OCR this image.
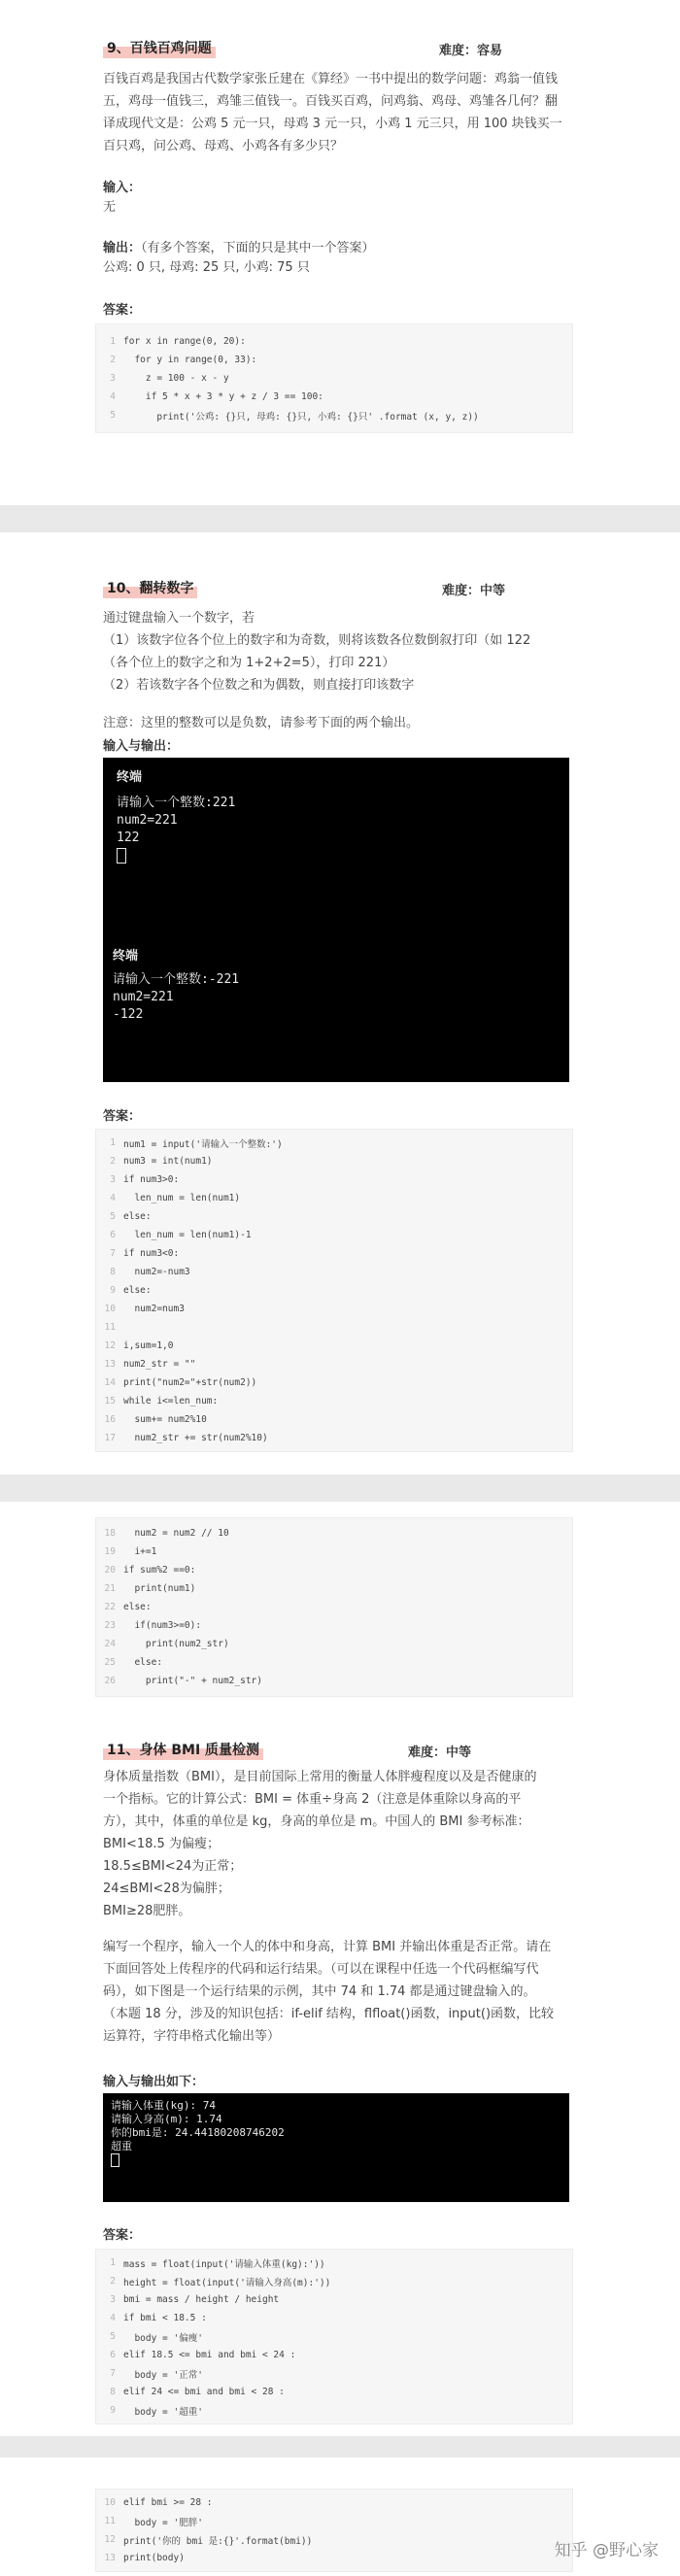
9、百钱百鸡问题	难度：容易

百钱百鸡是我国古代数学家张丘建在《算经》一书中提出的数学问题：鸡翁一值钱五，鸡母一值钱三，鸡雏三值钱一。百钱买百鸡，问鸡翁、鸡母、鸡雏各几何？翻译成现代文是：公鸡 5 元一只，母鸡 3 元一只，小鸡 1 元三只，用 100 块钱买一百只鸡，问公鸡、母鸡、小鸡各有多少只？

输入：
无
输出：（有多个答案，下面的只是其中一个答案）
公鸡: 0 只, 母鸡: 25 只, 小鸡: 75 只
答案：
1 for x in range(0, 20):
2 for y in range(0, 33):
3 z = 100 - x - y
4 if 5 * x + 3 * y + z / 3 == 100:
5 print('公鸡: {}只, 母鸡: {}只, 小鸡: {}只' .format (x, y, z))
10、翻转数字	难度：中等

通过键盘输入一个数字，若

（1）该数字位各个位上的数字和为奇数，则将该数各位数倒叙打印（如 122

（各个位上的数字之和为 1+2+2=5），打印 221）

（2）若该数字各个位数之和为偶数，则直接打印该数字

注意：这里的整数可以是负数，请参考下面的两个输出。

输入与输出：
终端
请输入一个整数:221
num2=221
122
终端
请输入一个整数:-221
num2=221
-122
答案：
1 num1 = input('请输入一个整数:')
2 num3 = int(num1)
3 if num3>0:
4 len_num = len(num1)
5 else:
6 len_num = len(num1)-1
7 if num3<0:
8 num2=-num3
9 else:
10 num2=num3
11
12 i,sum=1,0
13 num2_str = ""
14 print("num2="+str(num2))
15 while i<=len_num:
16 sum+= num2%10
17 num2_str += str(num2%10)
18 num2 = num2 // 10
19 i+=1
20 if sum%2 ==0:
21 print(num1)
22 else:
23 if(num3>=0):
24 print(num2_str)
25 else:
26 print("-" + num2_str)
11、身体 BMI 质量检测	难度：中等

身体质量指数（BMI），是目前国际上常用的衡量人体胖瘦程度以及是否健康的

一个指标。它的计算公式：BMI = 体重÷身高 2（注意是体重除以身高的平

方），其中，体重的单位是 kg，身高的单位是 m。中国人的 BMI 参考标准：

BMI<18.5 为偏瘦；

18.5≤BMI<24为正常；

24≤BMI<28为偏胖；

BMI≥28肥胖。

编写一个程序，输入一个人的体中和身高，计算 BMI 并输出体重是否正常。请在

下面回答处上传程序的代码和运行结果。（可以在课程中任选一个代码框编写代

码），如下图是一个运行结果的示例，其中 74 和 1.74 都是通过键盘输入的。

（本题 18 分，涉及的知识包括：if-elif 结构，flfloat()函数，input()函数，比较

运算符，字符串格式化输出等）

输入与输出如下：
请输入体重(kg): 74
请输入身高(m): 1.74
你的bmi是: 24.44180208746202
超重
答案：
1 mass = float(input('请输入体重(kg):'))
2 height = float(input('请输入身高(m):'))
3 bmi = mass / height / height
4 if bmi < 18.5 :
5 body = '偏瘦'
6 elif 18.5 <= bmi and bmi < 24 :
7 body = '正常'
8 elif 24 <= bmi and bmi < 28 :
9 body = '超重'
10 elif bmi >= 28 :
11 body = '肥胖'
12 print('你的 bmi 是:{}'.format(bmi))
13 print(body)	知乎 @野心家
